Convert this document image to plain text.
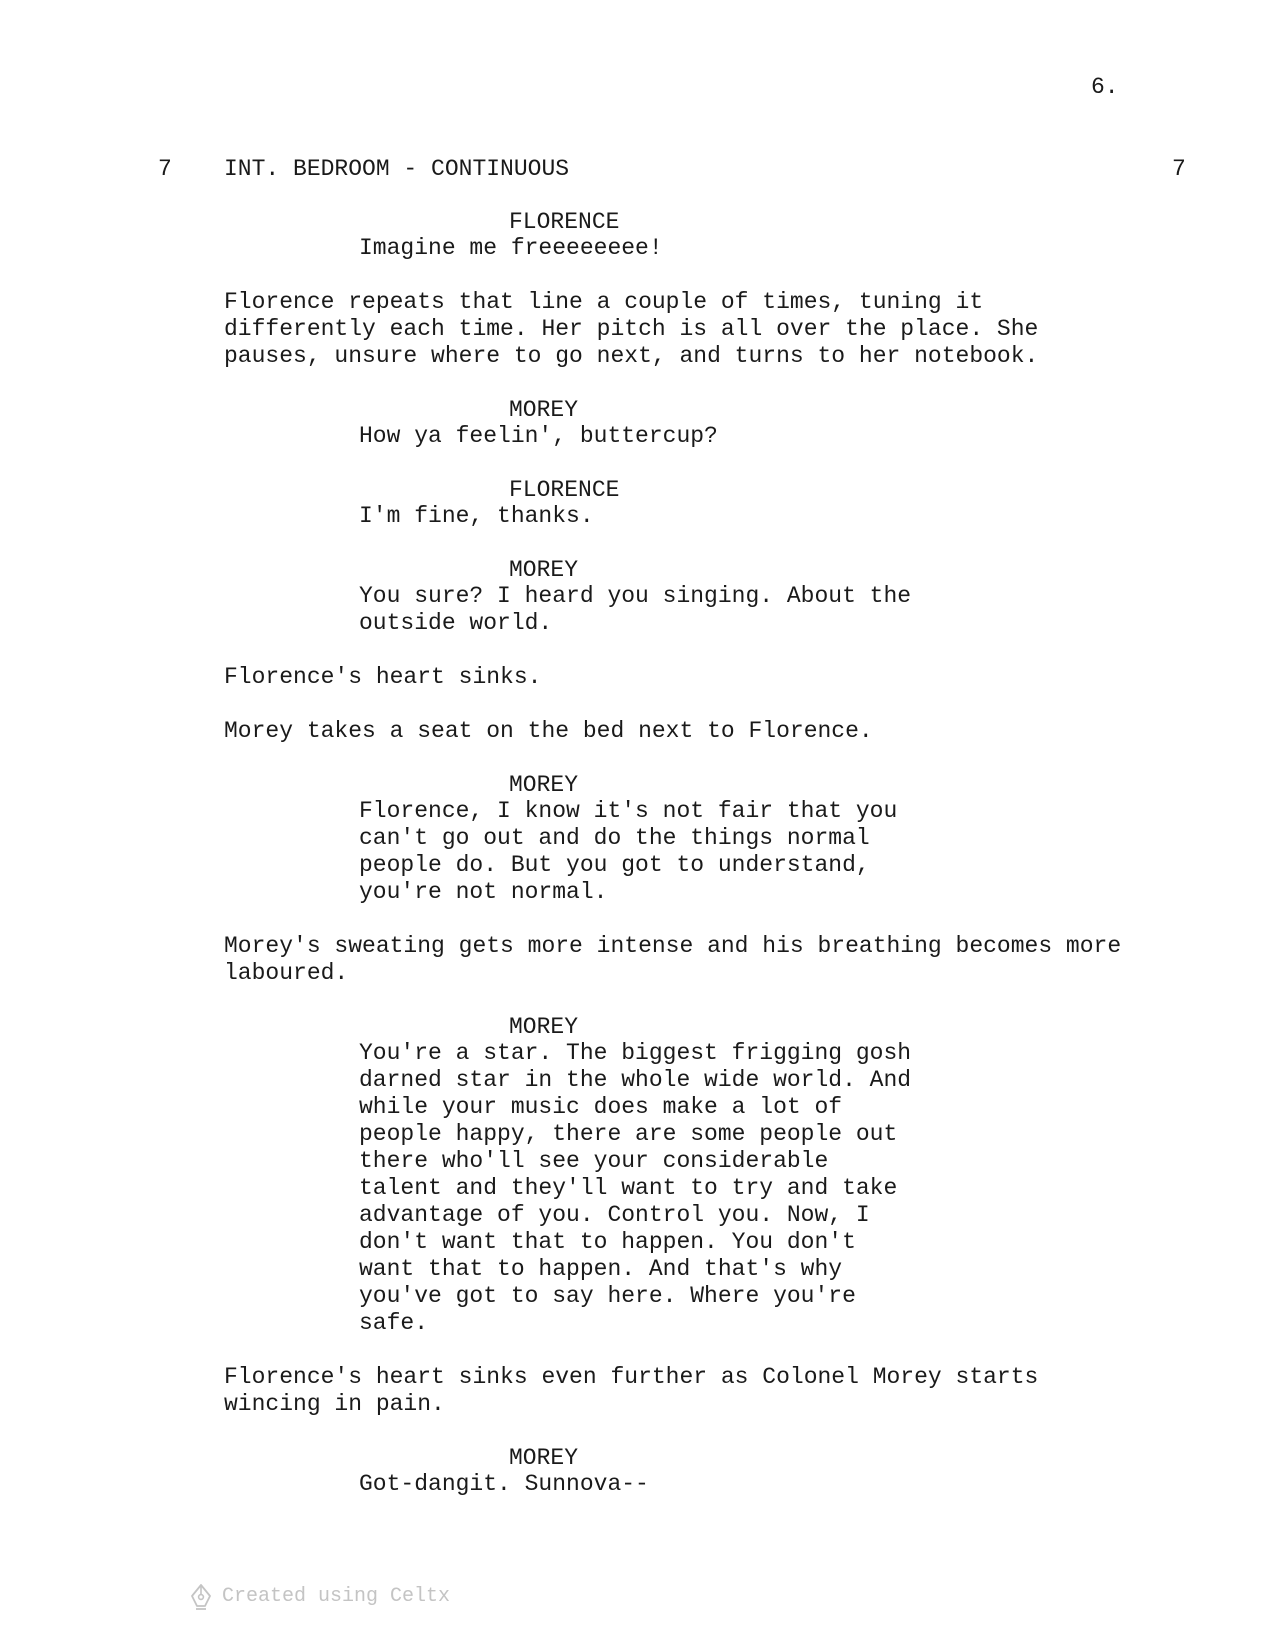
6.
7 INT. BEDROOM - CONTINUOUS	7

FLORENCE

Imagine me freeeeeeee!

Florence repeats that line a couple of times, tuning it differently each time. Her pitch is all over the place. She pauses, unsure where to go next, and turns to her notebook.

MOREY

How ya feelin', buttercup?

FLORENCE

I'm fine, thanks.

MOREY

You sure? I heard you singing. About the outside world.

Florence's heart sinks.

Morey takes a seat on the bed next to Florence.

MOREY

Florence, I know it's not fair that you can't go out and do the things normal people do. But you got to understand, you're not normal.

Morey's sweating gets more intense and his breathing becomes more laboured.

MOREY

You're a star. The biggest frigging gosh darned star in the whole wide world. And while your music does make a lot of people happy, there are some people out there who'll see your considerable talent and they'll want to try and take advantage of you. Control you. Now, I don't want that to happen. You don't want that to happen. And that's why you've got to say here. Where you're safe.

Florence's heart sinks even further as Colonel Morey starts wincing in pain.

MOREY

Got-dangit. Sunnova--

Created using Celtx
